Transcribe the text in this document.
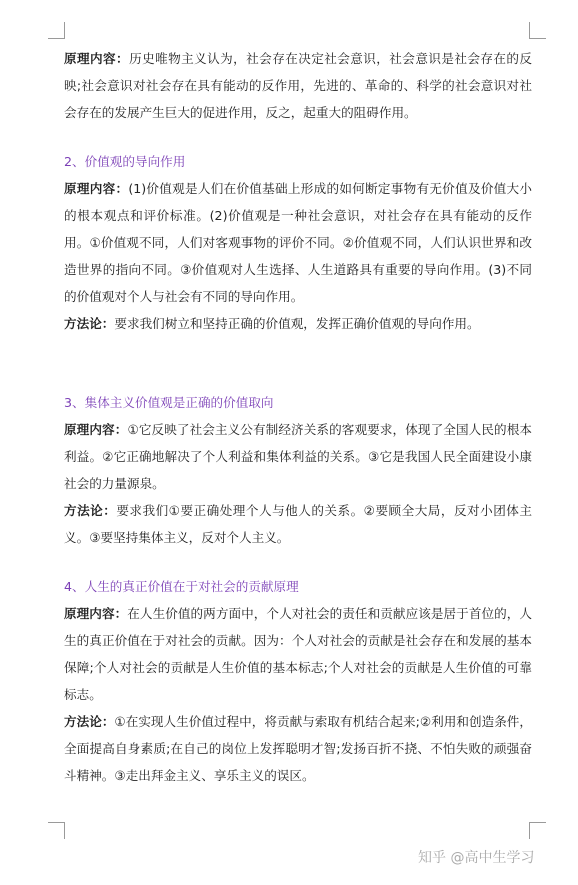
原理内容：历史唯物主义认为，社会存在决定社会意识，社会意识是社会存在的反映;社会意识对社会存在具有能动的反作用，先进的、革命的、科学的社会意识对社会存在的发展产生巨大的促进作用，反之，起重大的阻碍作用。

2、价值观的导向作用

原理内容：(1)价值观是人们在价值基础上形成的如何断定事物有无价值及价值大小的根本观点和评价标准。(2)价值观是一种社会意识，对社会存在具有能动的反作用。①价值观不同，人们对客观事物的评价不同。②价值观不同，人们认识世界和改造世界的指向不同。③价值观对人生选择、人生道路具有重要的导向作用。(3)不同的价值观对个人与社会有不同的导向作用。

方法论：要求我们树立和坚持正确的价值观，发挥正确价值观的导向作用。

3、集体主义价值观是正确的价值取向

原理内容：①它反映了社会主义公有制经济关系的客观要求，体现了全国人民的根本利益。②它正确地解决了个人利益和集体利益的关系。③它是我国人民全面建设小康社会的力量源泉。

方法论：要求我们①要正确处理个人与他人的关系。②要顾全大局，反对小团体主义。③要坚持集体主义，反对个人主义。

4、人生的真正价值在于对社会的贡献原理

原理内容：在人生价值的两方面中，个人对社会的责任和贡献应该是居于首位的，人生的真正价值在于对社会的贡献。因为：个人对社会的贡献是社会存在和发展的基本保障;个人对社会的贡献是人生价值的基本标志;个人对社会的贡献是人生价值的可靠标志。

方法论：①在实现人生价值过程中，将贡献与索取有机结合起来;②利用和创造条件，全面提高自身素质;在自己的岗位上发挥聪明才智;发扬百折不挠、不怕失败的顽强奋斗精神。③走出拜金主义、享乐主义的误区。

知乎 @高中生学习
